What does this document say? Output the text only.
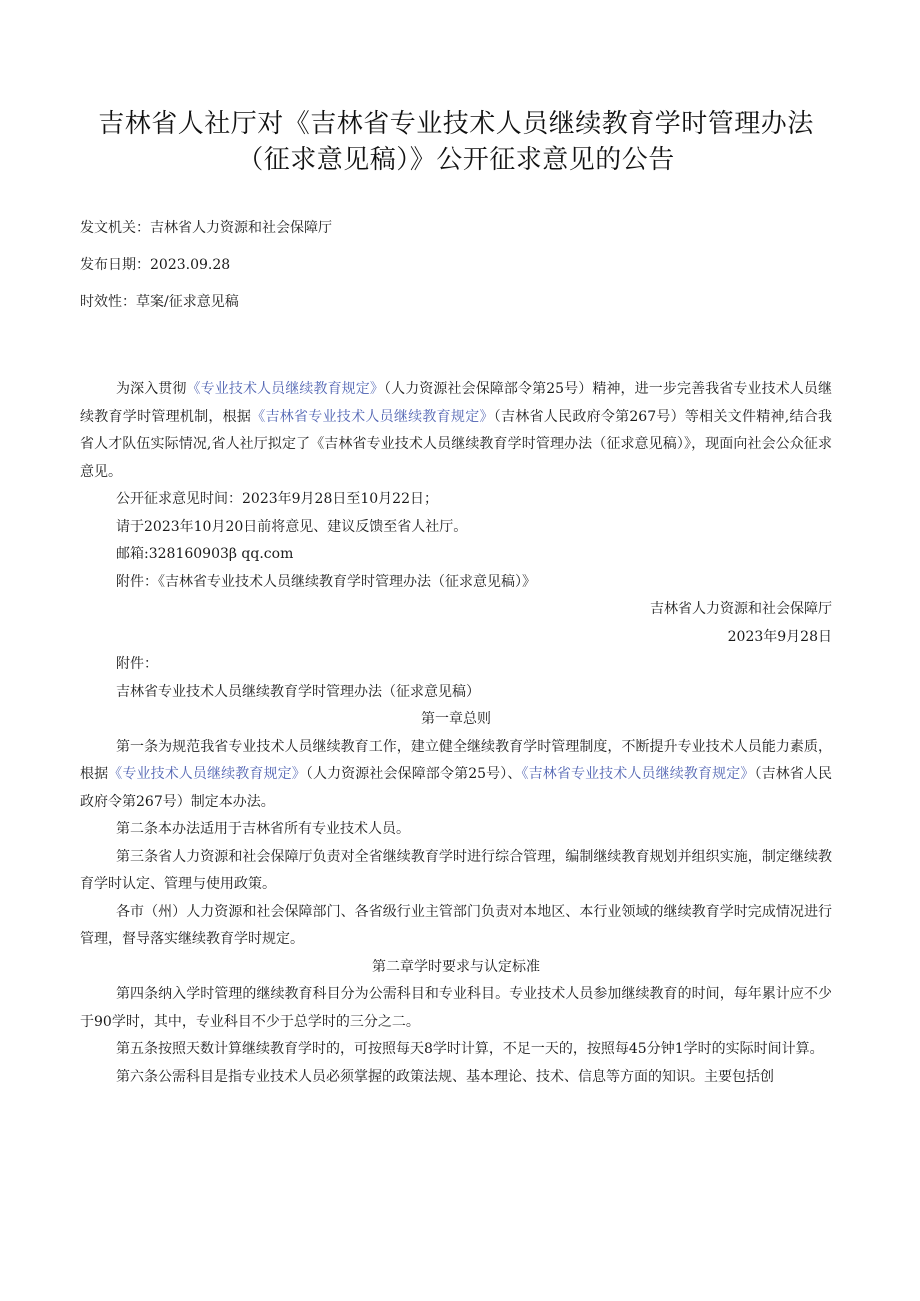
吉林省人社厅对《吉林省专业技术人员继续教育学时管理办法（征求意见稿）》公开征求意见的公告

发文机关：吉林省人力资源和社会保障厅

发布日期：2023.09.28

时效性：草案/征求意见稿

为深入贯彻《专业技术人员继续教育规定》（人力资源社会保障部令第25号）精神，进一步完善我省专业技术人员继续教育学时管理机制，根据《吉林省专业技术人员继续教育规定》（吉林省人民政府令第267号）等相关文件精神,结合我省人才队伍实际情况,省人社厅拟定了《吉林省专业技术人员继续教育学时管理办法（征求意见稿）》，现面向社会公众征求意见。

公开征求意见时间：2023年9月28日至10月22日；

请于2023年10月20日前将意见、建议反馈至省人社厅。

邮箱:328160903β qq.com

附件：《吉林省专业技术人员继续教育学时管理办法（征求意见稿）》

吉林省人力资源和社会保障厅

2023年9月28日

附件：

吉林省专业技术人员继续教育学时管理办法（征求意见稿）

第一章总则

第一条为规范我省专业技术人员继续教育工作，建立健全继续教育学时管理制度，不断提升专业技术人员能力素质，根据《专业技术人员继续教育规定》（人力资源社会保障部令第25号）、《吉林省专业技术人员继续教育规定》（吉林省人民政府令第267号）制定本办法。

第二条本办法适用于吉林省所有专业技术人员。

第三条省人力资源和社会保障厅负责对全省继续教育学时进行综合管理，编制继续教育规划并组织实施，制定继续教育学时认定、管理与使用政策。

各市（州）人力资源和社会保障部门、各省级行业主管部门负责对本地区、本行业领域的继续教育学时完成情况进行管理，督导落实继续教育学时规定。

第二章学时要求与认定标准

第四条纳入学时管理的继续教育科目分为公需科目和专业科目。专业技术人员参加继续教育的时间，每年累计应不少于90学时，其中，专业科目不少于总学时的三分之二。

第五条按照天数计算继续教育学时的，可按照每天8学时计算，不足一天的，按照每45分钟1学时的实际时间计算。

第六条公需科目是指专业技术人员必须掌握的政策法规、基本理论、技术、信息等方面的知识。主要包括创
